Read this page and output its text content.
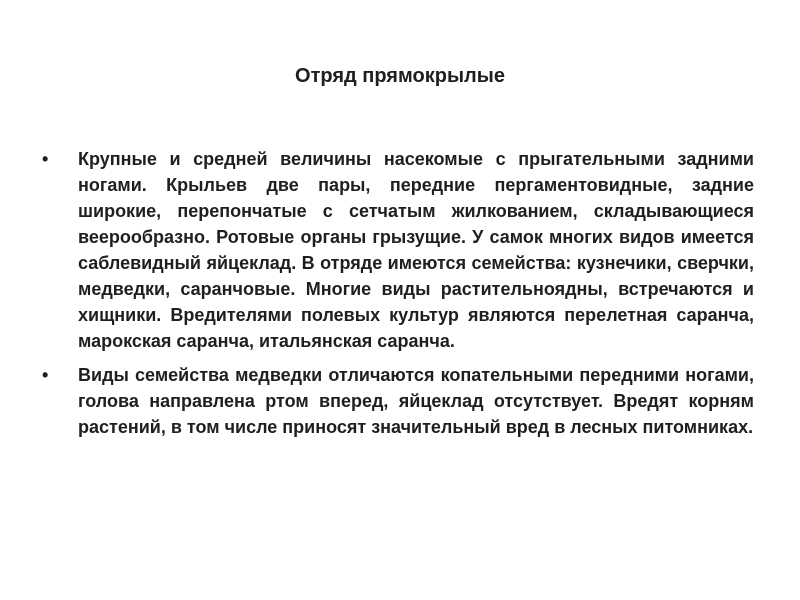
Отряд прямокрылые
• Крупные и средней величины насекомые с прыгательными задними ногами. Крыльев две пары, передние пергаментовидные, задние широкие, перепончатые с сетчатым жилкованием, складывающиеся веерообразно. Ротовые органы грызущие. У самок многих видов имеется саблевидный яйцеклад. В отряде имеются семейства: кузнечики, сверчки, медведки, саранчовые. Многие виды растительноядны, встречаются и хищники. Вредителями полевых культур являются перелетная саранча, марокская саранча, итальянская саранча.
• Виды семейства медведки отличаются копательными передними ногами, голова направлена ртом вперед, яйцеклад отсутствует. Вредят корням растений, в том числе приносят значительный вред в лесных питомниках.
